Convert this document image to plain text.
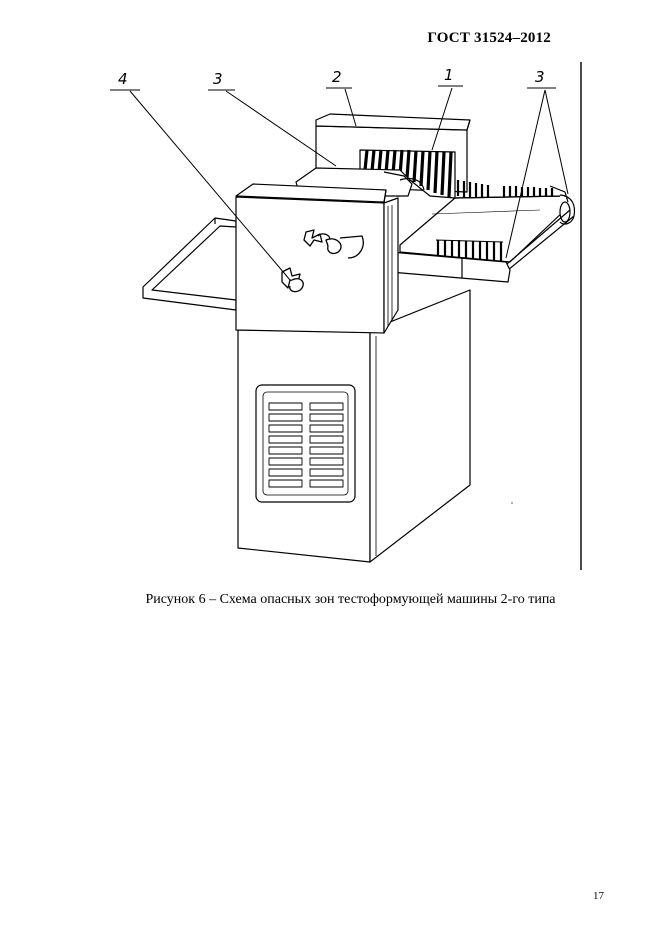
ГОСТ 31524–2012
4	3	2	1	3
Рисунок 6 – Схема опасных зон тестоформующей машины 2-го типа
17
